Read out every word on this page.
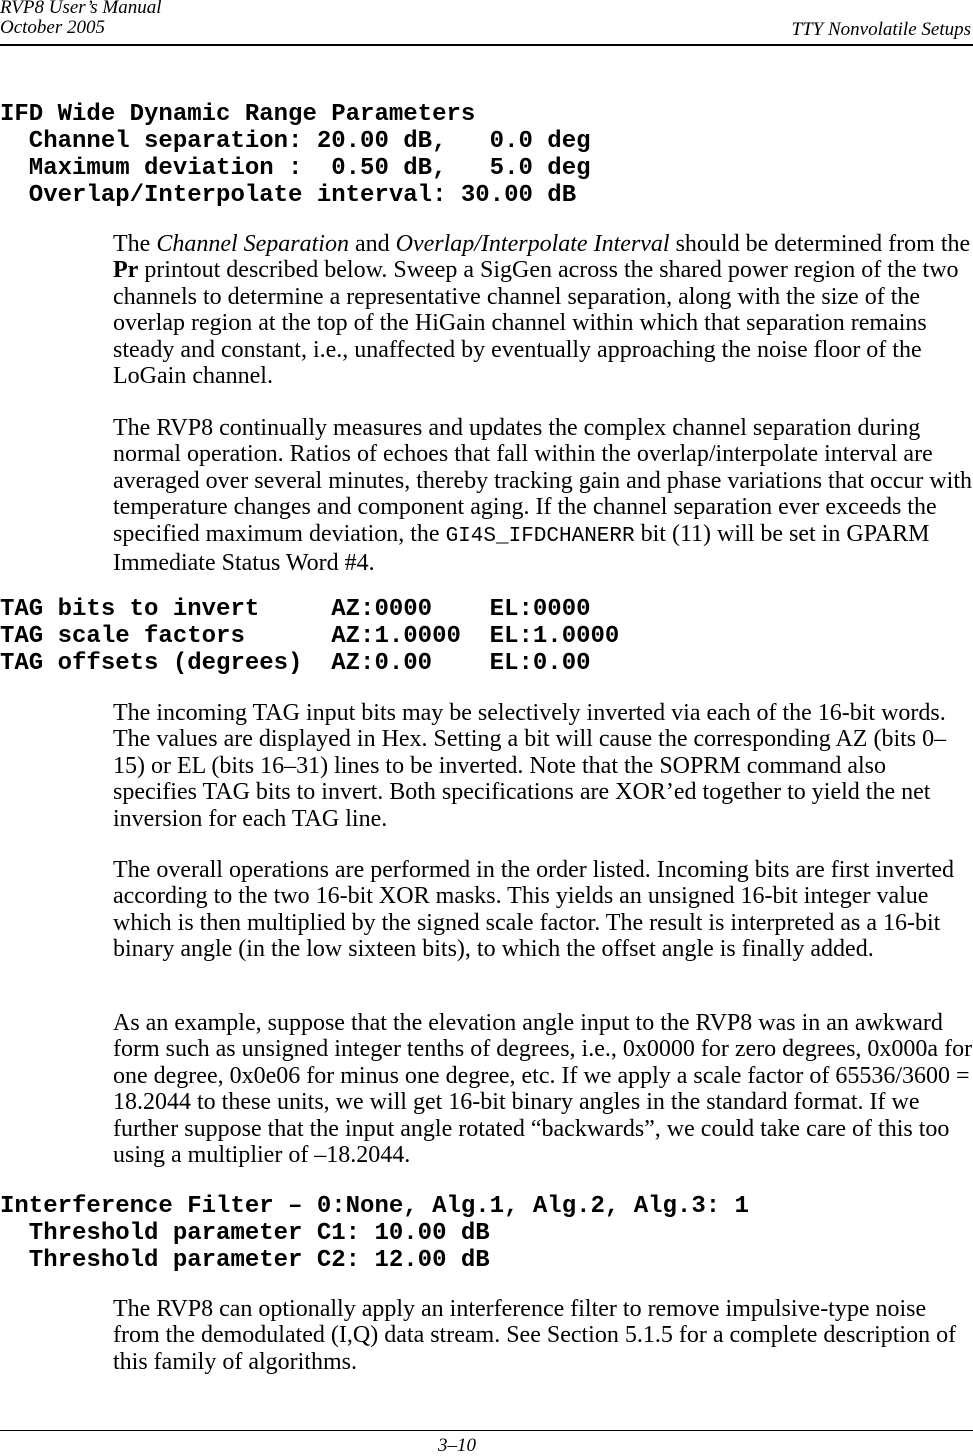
RVP8 User’s Manual
October 2005	TTY Nonvolatile Setups
IFD Wide Dynamic Range Parameters
Channel separation: 20.00 dB,   0.0 deg
Maximum deviation :  0.50 dB,   5.0 deg
Overlap/Interpolate interval: 30.00 dB

The Channel Separation and Overlap/Interpolate Interval should be determined from the Pr printout described below. Sweep a SigGen across the shared power region of the two channels to determine a representative channel separation, along with the size of the overlap region at the top of the HiGain channel within which that separation remains steady and constant, i.e., unaffected by eventually approaching the noise floor of the LoGain channel.

The RVP8 continually measures and updates the complex channel separation during normal operation. Ratios of echoes that fall within the overlap/interpolate interval are averaged over several minutes, thereby tracking gain and phase variations that occur with temperature changes and component aging. If the channel separation ever exceeds the specified maximum deviation, the GI4S_IFDCHANERR bit (11) will be set in GPARM Immediate Status Word #4.

TAG bits to invert     AZ:0000    EL:0000
TAG scale factors      AZ:1.0000  EL:1.0000
TAG offsets (degrees)  AZ:0.00    EL:0.00

The incoming TAG input bits may be selectively inverted via each of the 16-bit words. The values are displayed in Hex. Setting a bit will cause the corresponding AZ (bits 0–15) or EL (bits 16–31) lines to be inverted. Note that the SOPRM command also specifies TAG bits to invert. Both specifications are XOR’ed together to yield the net inversion for each TAG line.

The overall operations are performed in the order listed. Incoming bits are first inverted according to the two 16-bit XOR masks. This yields an unsigned 16-bit integer value which is then multiplied by the signed scale factor. The result is interpreted as a 16-bit binary angle (in the low sixteen bits), to which the offset angle is finally added.

As an example, suppose that the elevation angle input to the RVP8 was in an awkward form such as unsigned integer tenths of degrees, i.e., 0x0000 for zero degrees, 0x000a for one degree, 0x0e06 for minus one degree, etc. If we apply a scale factor of 65536/3600 = 18.2044 to these units, we will get 16-bit binary angles in the standard format. If we further suppose that the input angle rotated “backwards”, we could take care of this too using a multiplier of –18.2044.

Interference Filter – 0:None, Alg.1, Alg.2, Alg.3: 1
Threshold parameter C1: 10.00 dB
Threshold parameter C2: 12.00 dB

The RVP8 can optionally apply an interference filter to remove impulsive-type noise from the demodulated (I,Q) data stream. See Section 5.1.5 for a complete description of this family of algorithms.

3–10
